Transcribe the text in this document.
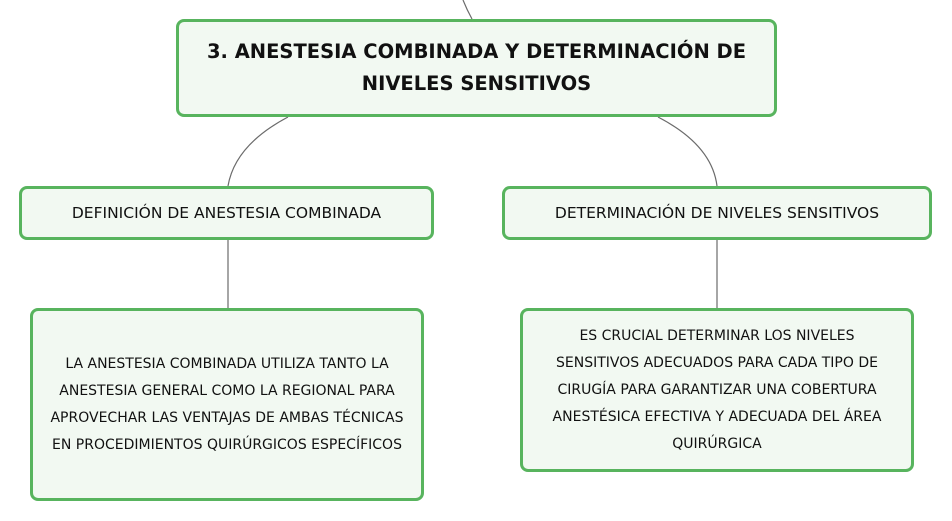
3. ANESTESIA COMBINADA Y DETERMINACIÓN DE NIVELES SENSITIVOS
DEFINICIÓN DE ANESTESIA COMBINADA	DETERMINACIÓN DE NIVELES SENSITIVOS
LA ANESTESIA COMBINADA UTILIZA TANTO LA ANESTESIA GENERAL COMO LA REGIONAL PARA APROVECHAR LAS VENTAJAS DE AMBAS TÉCNICAS EN PROCEDIMIENTOS QUIRÚRGICOS ESPECÍFICOS
ES CRUCIAL DETERMINAR LOS NIVELES SENSITIVOS ADECUADOS PARA CADA TIPO DE CIRUGÍA PARA GARANTIZAR UNA COBERTURA ANESTÉSICA EFECTIVA Y ADECUADA DEL ÁREA QUIRÚRGICA
